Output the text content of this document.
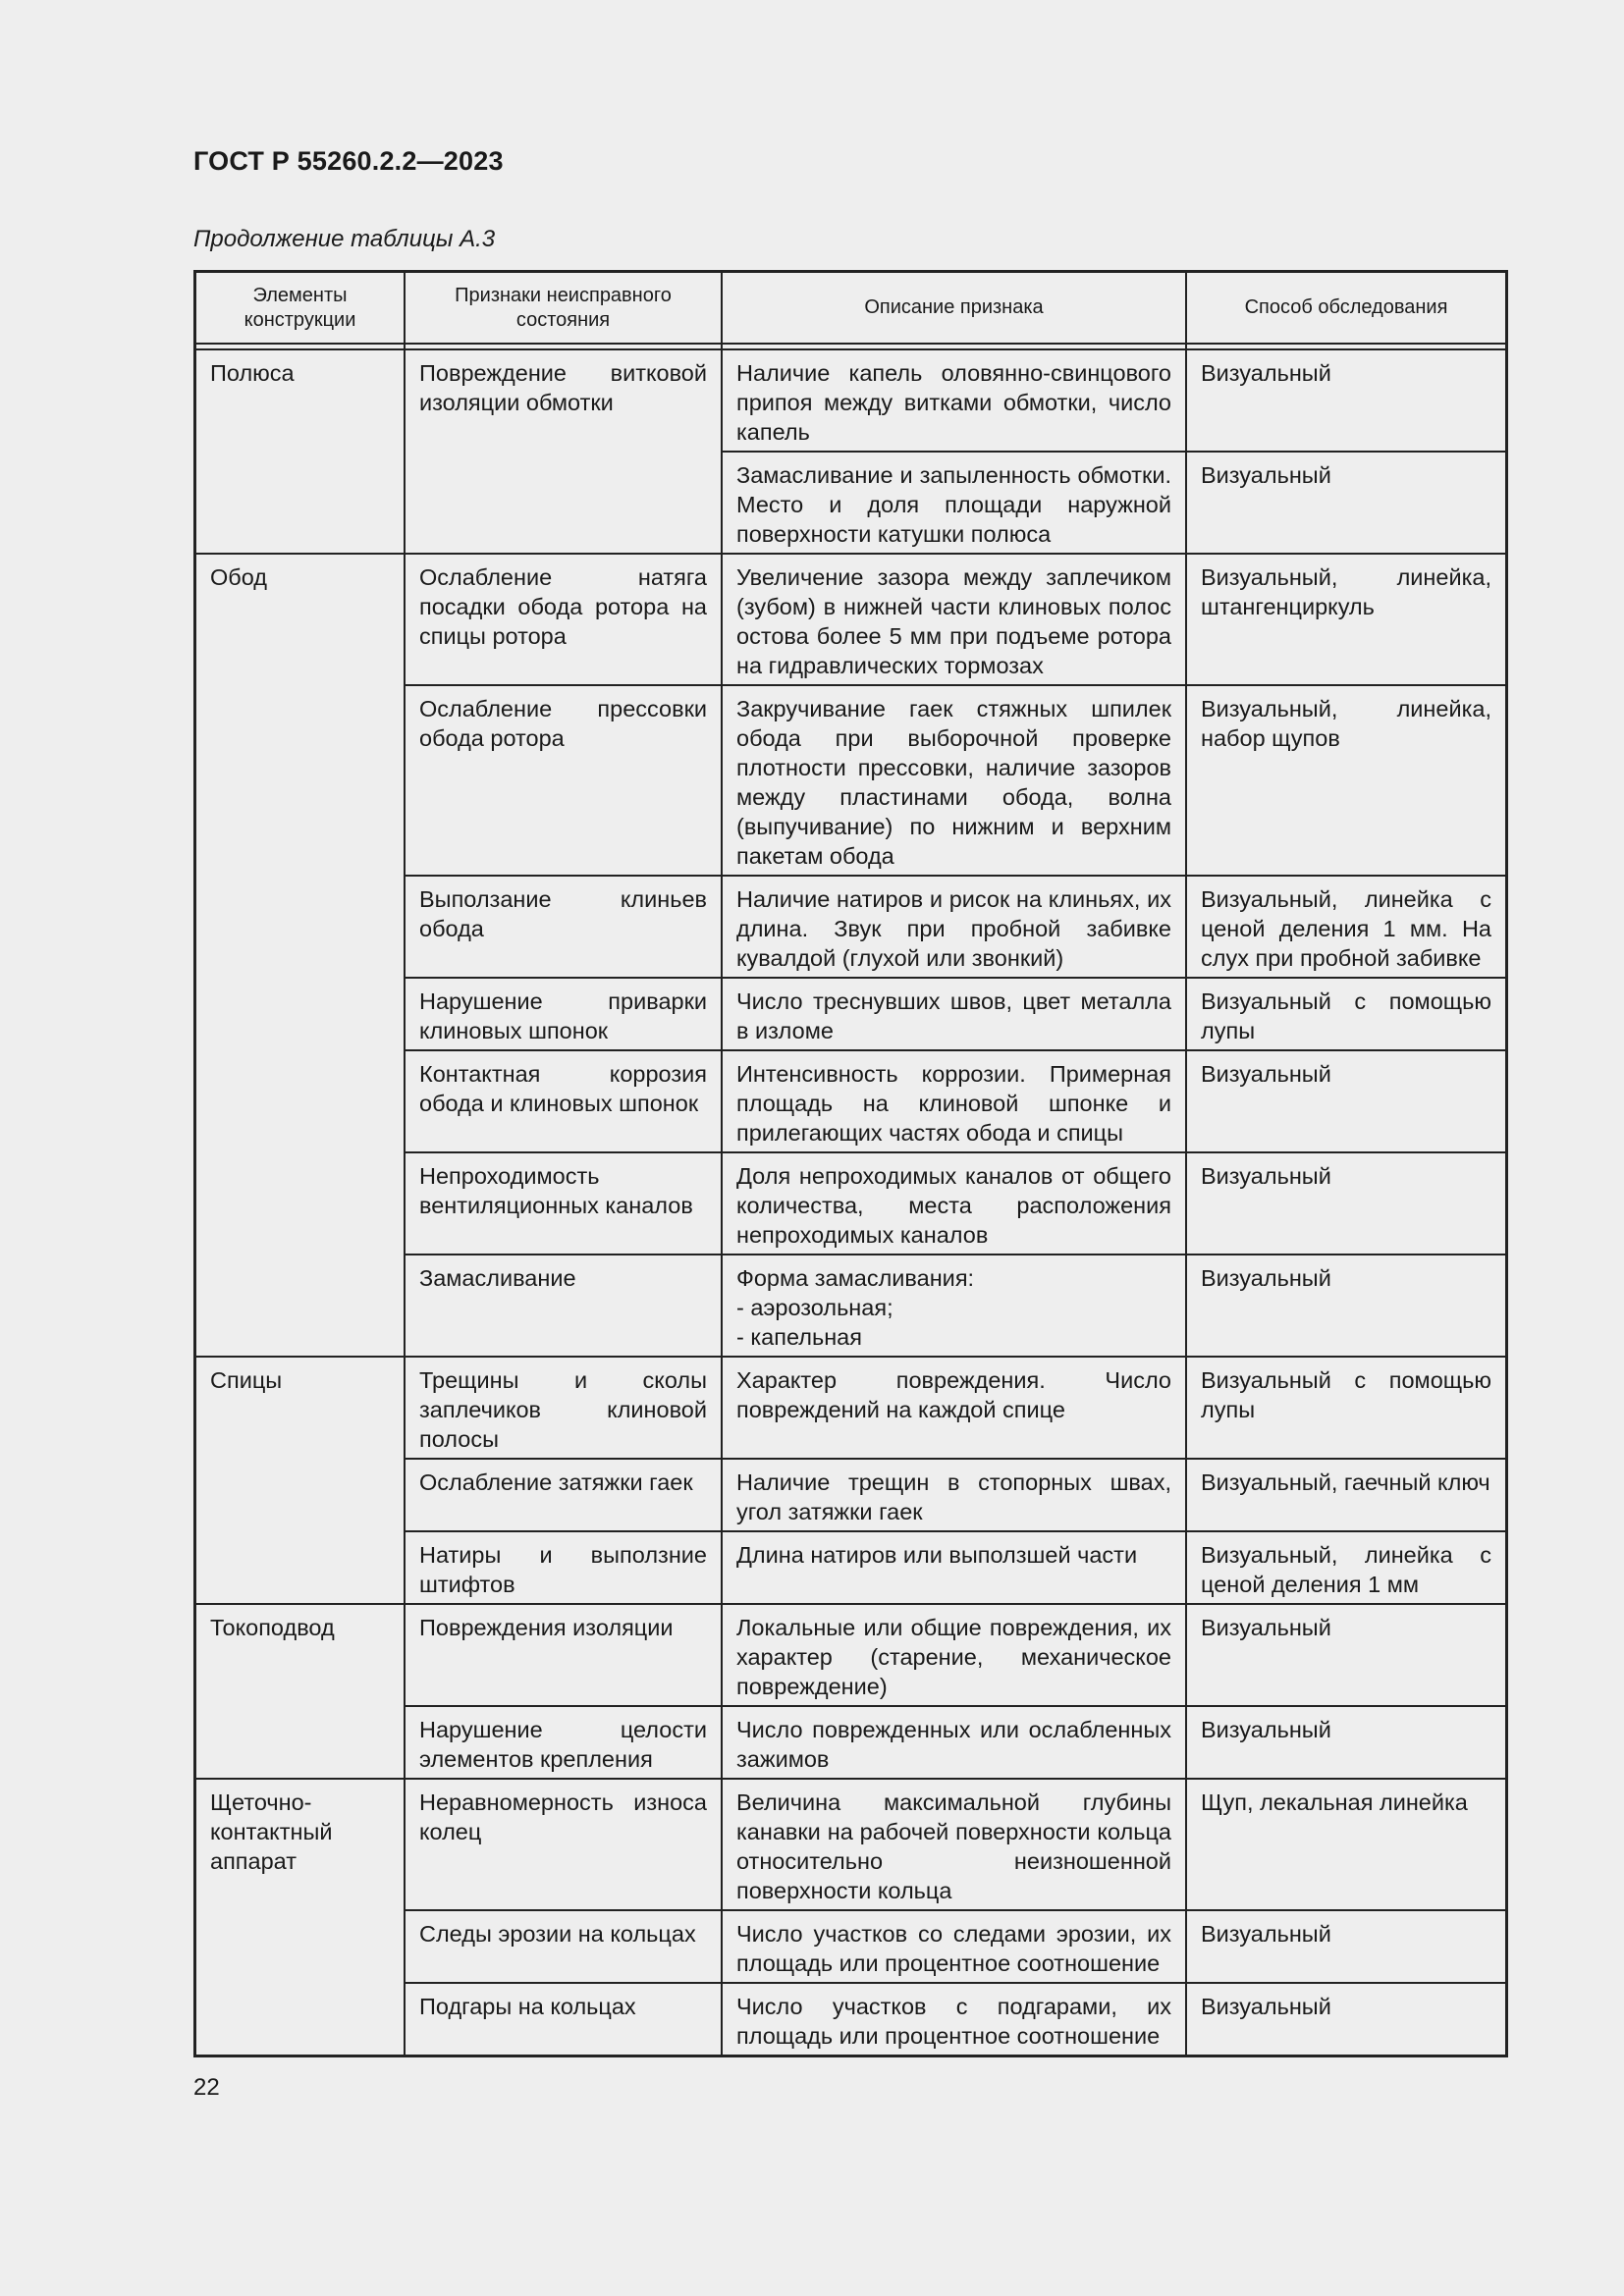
ГОСТ Р 55260.2.2—2023
Продолжение таблицы А.3
Элементы конструкции	Признаки неисправного состояния	Описание признака	Способ обследования

Полюса	Повреждение витковой изоляции обмотки	Наличие капель оловянно-свинцового припоя между витками обмотки, число капель	Визуальный
		Замасливание и запыленность обмотки. Место и доля площади наружной поверхности катушки полюса	Визуальный
Обод	Ослабление натяга посадки обода ротора на спицы ротора	Увеличение зазора между заплечиком (зубом) в нижней части клиновых полос остова более 5 мм при подъеме ротора на гидравлических тормозах	Визуальный, линейка, штангенциркуль
	Ослабление прессовки обода ротора	Закручивание гаек стяжных шпилек обода при выборочной проверке плотности прессовки, наличие зазоров между пластинами обода, волна (выпучивание) по нижним и верхним пакетам обода	Визуальный, линейка, набор щупов
	Выползание клиньев обода	Наличие натиров и рисок на клиньях, их длина. Звук при пробной забивке кувалдой (глухой или звонкий)	Визуальный, линейка с ценой деления 1 мм. На слух при пробной забивке
	Нарушение приварки клиновых шпонок	Число треснувших швов, цвет металла в изломе	Визуальный с помощью лупы
	Контактная коррозия обода и клиновых шпонок	Интенсивность коррозии. Примерная площадь на клиновой шпонке и прилегающих частях обода и спицы	Визуальный
	Непроходимость вентиляционных каналов	Доля непроходимых каналов от общего количества, места расположения непроходимых каналов	Визуальный
	Замасливание	Форма замасливания:
- аэрозольная;
- капельная	Визуальный
Спицы	Трещины и сколы заплечиков клиновой полосы	Характер повреждения. Число повреждений на каждой спице	Визуальный с помощью лупы
	Ослабление затяжки гаек	Наличие трещин в стопорных швах, угол затяжки гаек	Визуальный, гаечный ключ
	Натиры и выползние штифтов	Длина натиров или выползшей части	Визуальный, линейка с ценой деления 1 мм
Токоподвод	Повреждения изоляции	Локальные или общие повреждения, их характер (старение, механическое повреждение)	Визуальный
	Нарушение целости элементов крепления	Число поврежденных или ослабленных зажимов	Визуальный
Щеточно-контактный аппарат	Неравномерность износа колец	Величина максимальной глубины канавки на рабочей поверхности кольца относительно неизношенной поверхности кольца	Щуп, лекальная линейка
	Следы эрозии на кольцах	Число участков со следами эрозии, их площадь или процентное соотношение	Визуальный
	Подгары на кольцах	Число участков с подгарами, их площадь или процентное соотношение	Визуальный
22
